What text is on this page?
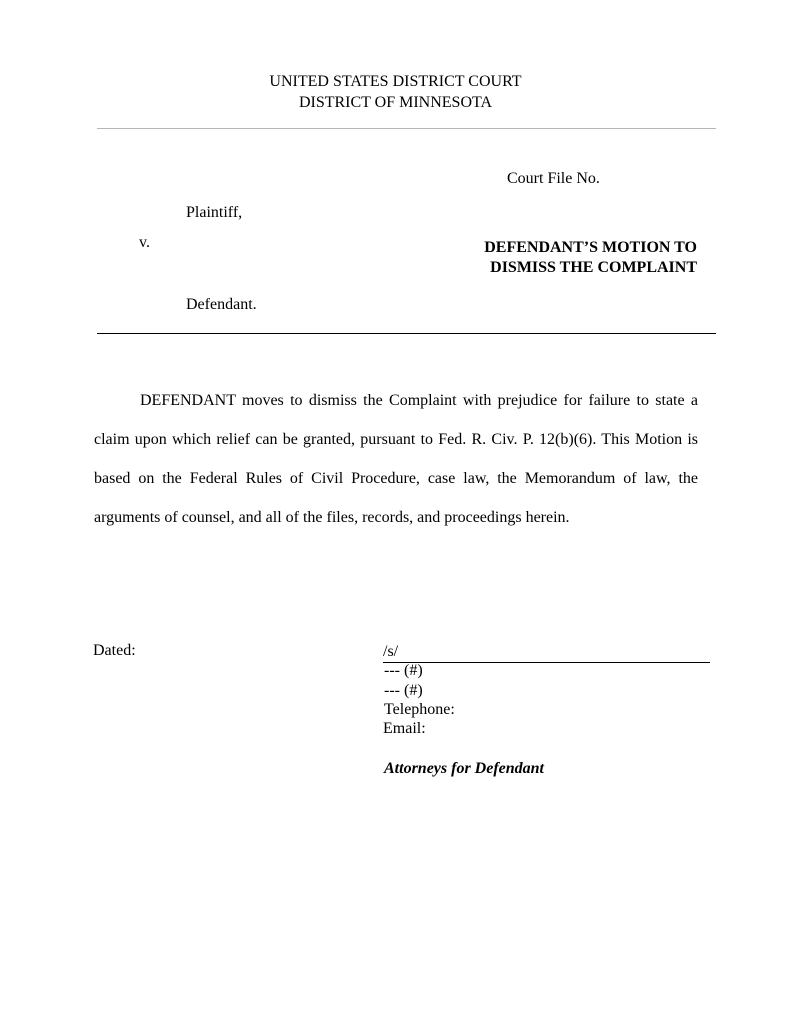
UNITED STATES DISTRICT COURT
DISTRICT OF MINNESOTA
Court File No.
Plaintiff,
v.	DEFENDANT’S MOTION TO
DISMISS THE COMPLAINT
Defendant.
DEFENDANT moves to dismiss the Complaint with prejudice for failure to state a claim upon which relief can be granted, pursuant to Fed. R. Civ. P. 12(b)(6). This Motion is based on the Federal Rules of Civil Procedure, case law, the Memorandum of law, the arguments of counsel, and all of the files, records, and proceedings herein.
Dated:	/s/
--- (#)
--- (#)
Telephone:
Email:
Attorneys for Defendant
